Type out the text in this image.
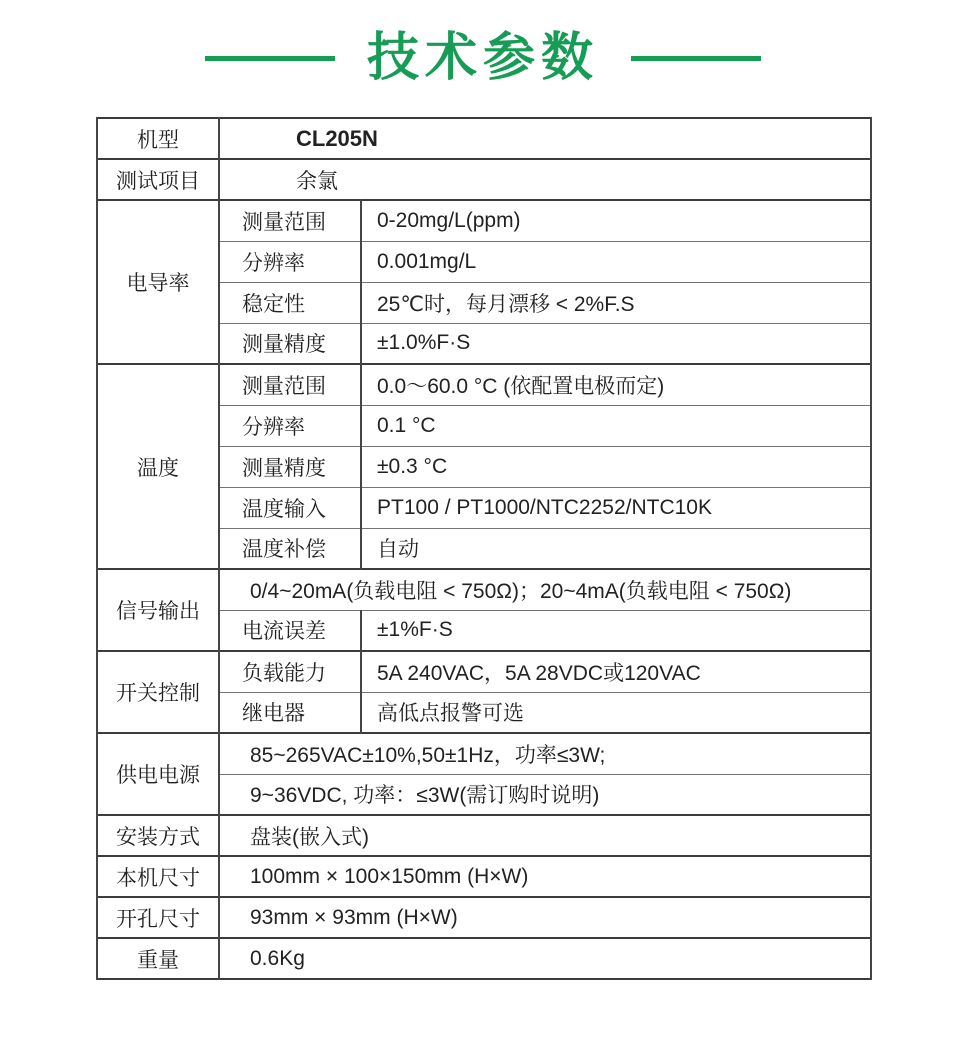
技术参数
机型	CL205N	
测试项目	余氯	
电导率	测量范围	0-20mg/L(ppm)
	分辨率	0.001mg/L
	稳定性	25℃时，每月漂移 < 2%F.S
	测量精度	±1.0%F·S
温度	测量范围	0.0～60.0 °C (依配置电极而定)
	分辨率	0.1 °C
	测量精度	±0.3 °C
	温度输入	PT100 / PT1000/NTC2252/NTC10K
	温度补偿	自动
信号输出	0/4~20mA(负载电阻 < 750Ω)；20~4mA(负载电阻 < 750Ω)	
	电流误差	±1%F·S
开关控制	负载能力	5A 240VAC，5A 28VDC或120VAC
	继电器	高低点报警可选
供电电源	85~265VAC±10%,50±1Hz，功率≤3W;	
	9~36VDC, 功率：≤3W(需订购时说明)	
安装方式	盘装(嵌入式)	
本机尺寸	100mm × 100×150mm (H×W)	
开孔尺寸	93mm × 93mm (H×W)	
重量	0.6Kg	
